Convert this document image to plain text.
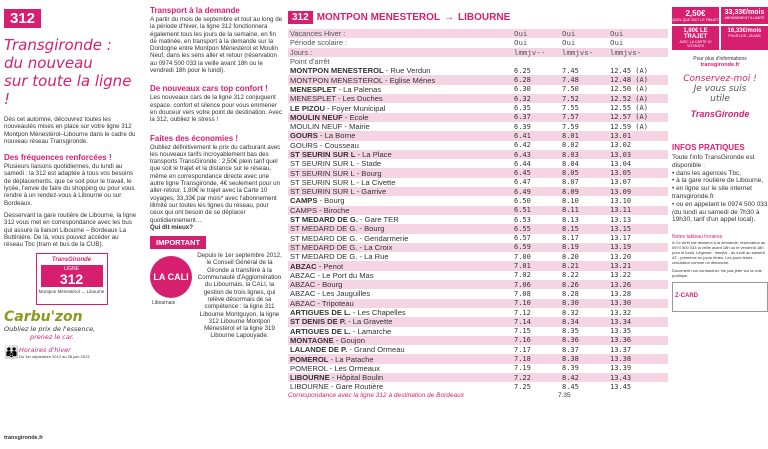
312
Transgironde :
du nouveau
sur toute la ligne !

Dès cet automne, découvrez toutes les nouveautés mises en place sur votre ligne 312 Montpon Ménestérol–Libourne dans le cadre du nouveau réseau Transgironde.

Des fréquences renforcées !

Plusieurs liaisons quotidiennes, du lundi au samedi : la 312 est adaptée à tous vos besoins de déplacements, que ce soit pour le travail, le lycée, l'envie de faire du shopping ou pour vous rendre à un rendez-vous à Libourne ou sur Bordeaux.

Desservant la gare routière de Libourne, la ligne 312 vous met en correspondance avec les bus qui assure la liaison Libourne – Bordeaux La Buttinière. De là, vous pouvez accéder au réseau Tbc (tram et bus de la CUB).

TransGironde
LIGNE
312
Montpon Ménestérol ↔ Libourne
Carbu'zon
Oubliez le prix de l'essence,
prenez le car.
👪 Horaires d'hiver
Du 1er septembre 2012 au 28 juin 2013
transgironde.fr
Transport à la demande

A partir du mois de septembre et tout au long de la période d'hiver, la ligne 312 fonctionnera également tous les jours de la semaine, en fin de matinée, en transport à la demande sur la Dordogne entre Montpon Ménestérol et Moulin Neuf, dans les sens aller et retour (réservation au 0974 500 033 la veille avant 18h ou le vendredi 18h pour le lundi).

De nouveaux cars top confort !

Les nouveaux cars de la ligne 312 conjuguent espace, confort et silence pour vous emmener en douceur vers votre point de destination. Avec la 312, oubliez le stress !

Faites des économies !

Oubliez définitivement le prix du carburant avec les nouveaux tarifs incroyablement bas des transports TransGironde : 2,50€ plein tarif quel que soit le trajet et la distance sur le réseau, même en correspondance directe avec une autre ligne Transgironde, 4€ seulement pour un aller-retour, 1,80€ le trajet avec la Carte 10 voyages, 33,33€ par mois* avec l'abonnement illimité sur toutes les lignes du réseau, pour ceux qui ont besoin de se déplacer quotidiennement…

Qui dit mieux?

IMPORTANT
LA CALI
Libournais

Depuis le 1er septembre 2012, le Conseil Général de la Gironde a transféré à la Communauté d'Agglomération du Libournais, la CALI, la gestion de trois lignes, qui relève désormais de sa compétence : la ligne 311 Libourne Montguyon, la ligne 312 Libourne Montpon Ménestérol et la ligne 319 Libourne Lapouyade.

312 MONTPON MENESTEROL → LIBOURNE
Vacances Hiver :	Oui	Oui	Oui
Période scolaire :	Oui	Oui	Oui
Jours :	lmmjv--	lmmjvs-	lmmjvs-
Point d'arrêt			
MONTPON MENESTEROL - Rue Verdun	6.25	7.45	12.45 (A)
MONTPON MENESTEROL - Eglise Ménes	6.28	7.48	12.48 (A)
MENESPLET - La Palenas	6.30	7.50	12.50 (A)
MENESPLET - Les Duches	6.32	7.52	12.52 (A)
LE PIZOU - Foyer Municipal	6.35	7.55	12.55 (A)
MOULIN NEUF - Ecole	6.37	7.57	12.57 (A)
MOULIN NEUF - Mairie	6.39	7.59	12.59 (A)
GOURS - La Borne	6.41	8.01	13.01
GOURS - Cousseau	6.42	8.02	13.02
ST SEURIN SUR L - La Place	6.43	8.03	13.03
ST SEURIN SUR L - Stade	6.44	8.04	13.04
ST SEURIN SUR L - Bourg	6.45	8.05	13.05
ST SEURIN SUR L - La Civette	6.47	8.07	13.07
ST SEURIN SUR L - Garrive	6.49	8.09	13.09
CAMPS - Bourg	6.50	8.10	13.10
CAMPS - Biroche	6.51	8.11	13.11
ST MEDARD DE G. - Gare TER	6.53	8.13	13.13
ST MEDARD DE G. - Bourg	6.55	8.15	13.15
ST MEDARD DE G. - Gendarmerie	6.57	8.17	13.17
ST MEDARD DE G. - La Croix	6.59	8.19	13.19
ST MEDARD DE G. - La Rue	7.00	8.20	13.20
ABZAC - Penot	7.01	8.21	13.21
ABZAC - Le Port du Mas	7.02	8.22	13.22
ABZAC - Bourg	7.06	8.26	13.26
ABZAC - Les Jauguilles	7.08	8.28	13.28
ABZAC - Tripoteau	7.10	8.30	13.30
ARTIGUES DE L. - Les Chapelles	7.12	8.32	13.32
ST DENIS DE P. - La Gravette	7.14	8.34	13.34
ARTIGUES DE L. - Lamarche	7.15	8.35	13.35
MONTAGNE - Goujon	7.16	8.36	13.36
LALANDE DE P. - Grand Ormeau	7.17	8.37	13.37
POMEROL - La Patache	7.18	8.38	13.38
POMEROL - Les Ormeaux	7.19	8.39	13.39
LIBOURNE - Hôpital Boulin	7.22	8.42	13.43
LIBOURNE - Gare Routière	7.25	8.45	13.45
Correspondance avec la ligne 312 à destination de Bordeaux	7.35
2,50€
QUEL QUE SOIT LE TRAJET
33,33€/mois
ABONNEMENT ILLIMITÉ
1,80€ LE TRAJET
AVEC LA CARTE 10 VOYAGES
16,33€/mois
POUR LES –26 ANS
Pour plus d'informations
transgironde.fr
Conservez-moi !
Je vous suis
utile
TransGironde
INFOS PRATIQUES

Toute l'info TransGironde est disponible :

• dans les agences Tbc,
• à la gare routière de Libourne,
• en ligne sur le site internet transgironde.fr
• ou en appelant le 0974 500 033

(du lundi au samedi de 7h30 à 19h30, tarif d'un appel local).

Notes tableau horaires
A Ce arrêt est desservi à la demande, réservation au 0974 500 033 la veille avant 18h ou le vendredi 18h pour le lundi. Légende : lmmjvs - du lundi au samedi. AT - présence en jours fériés. Les jours fériés : circulation comme un dimanche.
Document non contractuel. Ne pas jeter sur la voie publique.
Z-CARD
